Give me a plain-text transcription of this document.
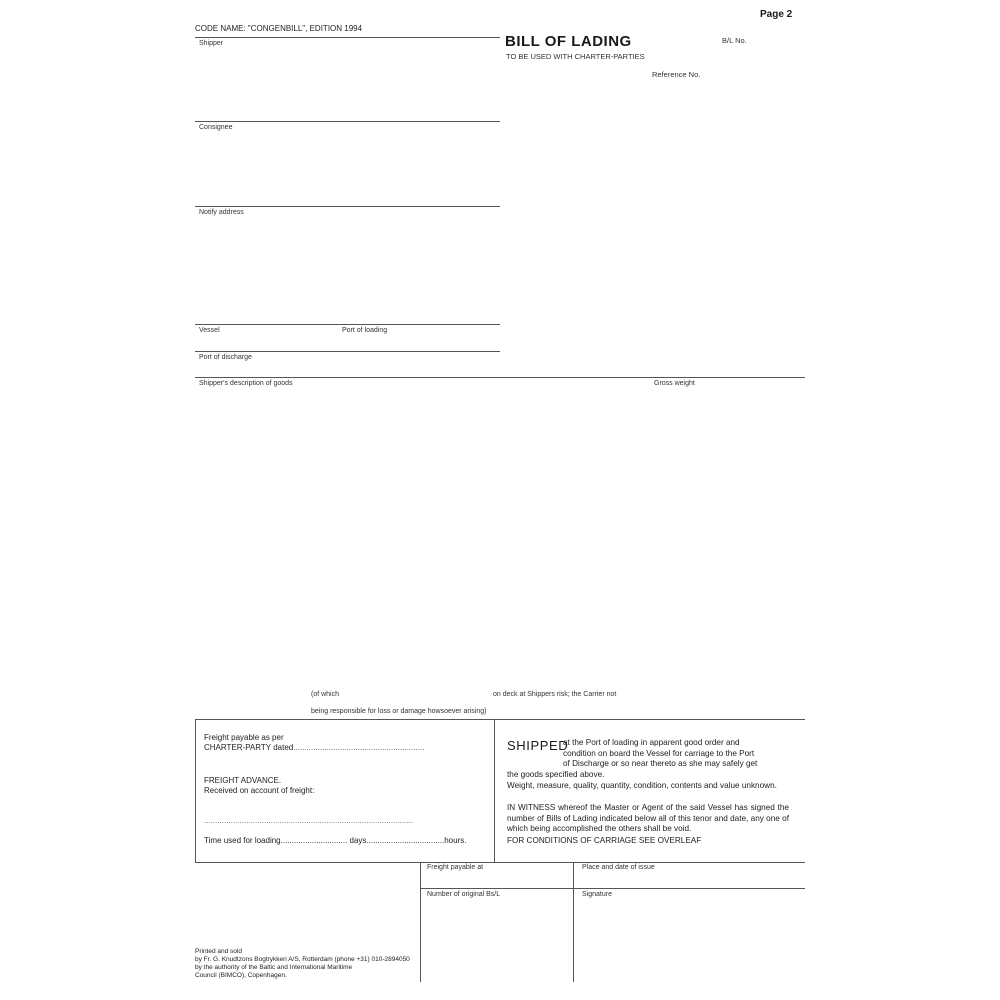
Page 2
CODE NAME: "CONGENBILL", EDITION 1994
BILL OF LADING
TO BE USED WITH CHARTER-PARTIES
B/L No.
Reference No.
Shipper
Consignee
Notify address
Vessel	Port of loading
Port of discharge
Shipper's description of goods	Gross weight
(of which	on deck at Shippers risk; the Carrier not
being responsible for loss or damage howsoever arising)
Freight payable as per
CHARTER-PARTY dated...........................................................
FREIGHT ADVANCE.
Received on account of freight:
..............................................................................................
Time used for loading.............................. days...................................hours.
SHIPPED
at the Port of loading in apparent good order and
condition on board the Vessel for carriage to the Port
of Discharge or so near thereto as she may safely get
the goods specified above.
Weight, measure, quality, quantity, condition, contents and value unknown.
IN WITNESS whereof the Master or Agent of the said Vessel has signed the number of Bills of Lading indicated below all of this tenor and date, any one of which being accomplished the others shall be void.
FOR CONDITIONS OF CARRIAGE SEE OVERLEAF
Freight payable at	Place and date of issue
Number of original Bs/L	Signature
Printed and sold
by Fr. G. Knudtzons Bogtrykkeri A/S, Rotterdam (phone +31) 010-2894050
by the authority of the Baltic and International Maritime
Council (BIMCO), Copenhagen.
